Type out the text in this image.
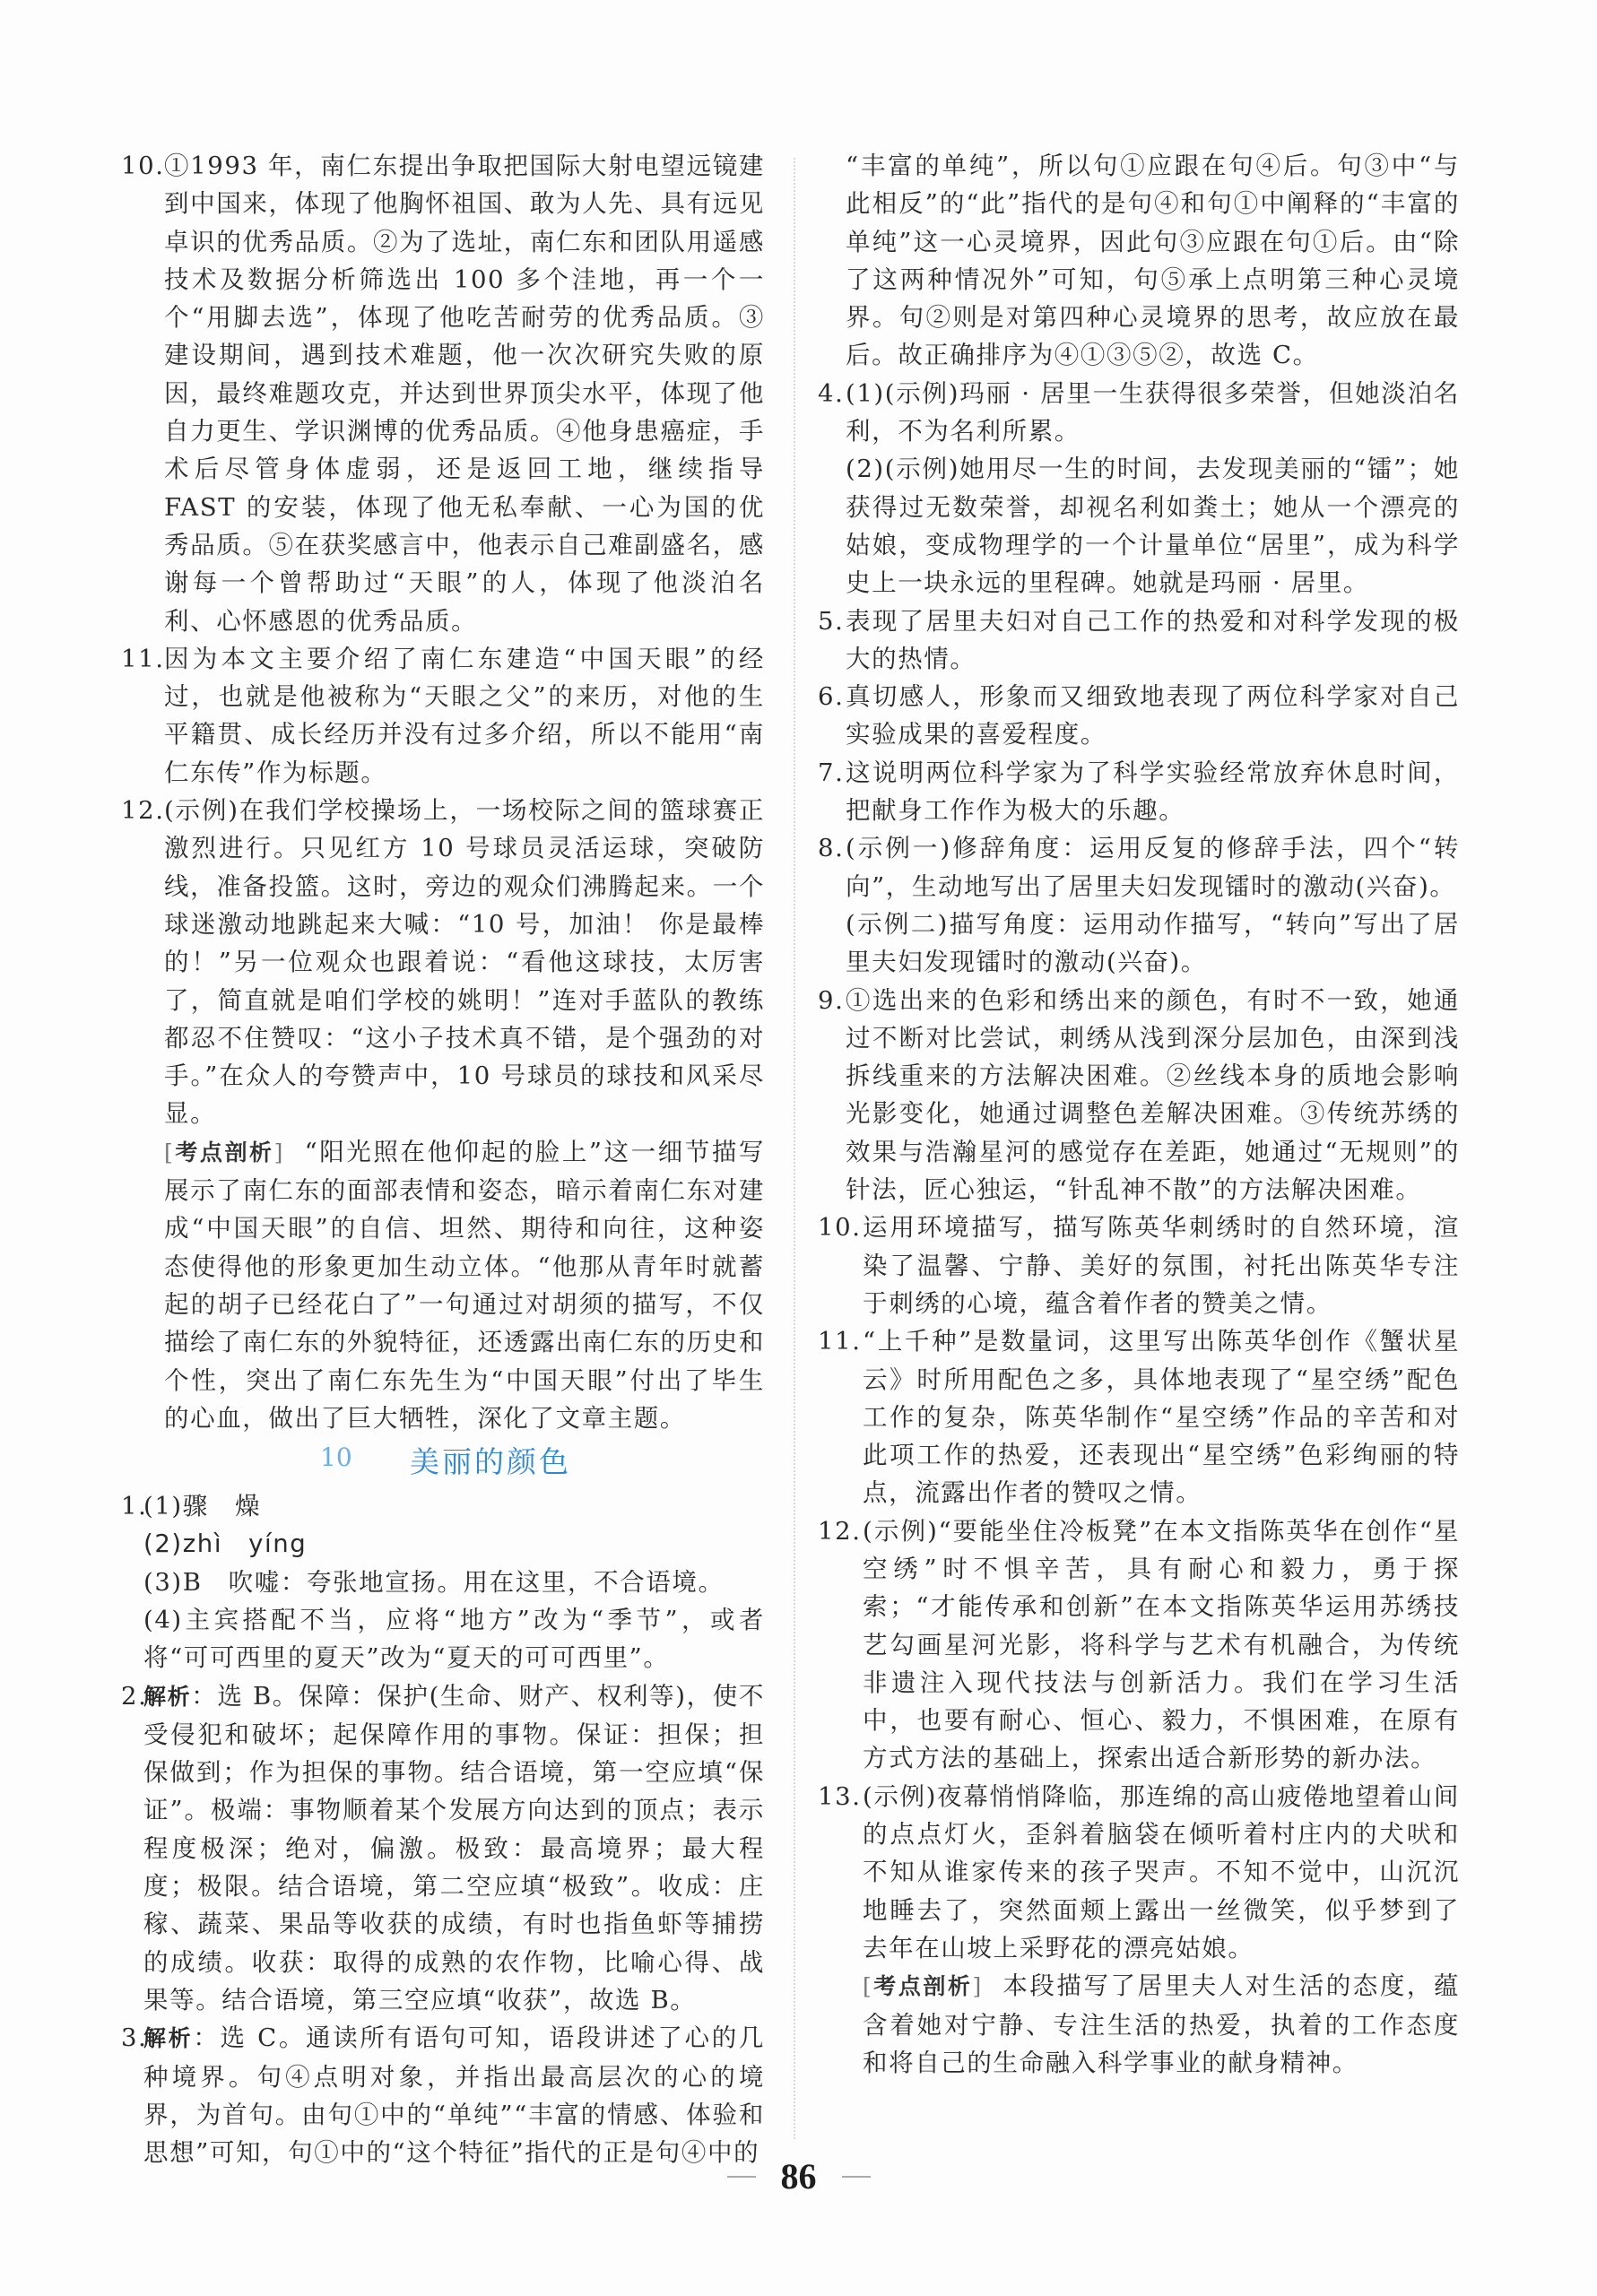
10. ①1993 年，南仁东提出争取把国际大射电望远镜建到中国来，体现了他胸怀祖国、敢为人先、具有远见卓识的优秀品质。②为了选址，南仁东和团队用遥感技术及数据分析筛选出 100 多个洼地，再一个一个“用脚去选”，体现了他吃苦耐劳的优秀品质。③建设期间，遇到技术难题，他一次次研究失败的原因，最终难题攻克，并达到世界顶尖水平，体现了他自力更生、学识渊博的优秀品质。④他身患癌症，手术后尽管身体虚弱，还是返回工地，继续指导 FAST 的安装，体现了他无私奉献、一心为国的优秀品质。⑤在获奖感言中，他表示自己难副盛名，感谢每一个曾帮助过“天眼”的人，体现了他淡泊名利、心怀感恩的优秀品质。
11. 因为本文主要介绍了南仁东建造“中国天眼”的经过，也就是他被称为“天眼之父”的来历，对他的生平籍贯、成长经历并没有过多介绍，所以不能用“南仁东传”作为标题。
12. (示例)在我们学校操场上，一场校际之间的篮球赛正激烈进行。只见红方 10 号球员灵活运球，突破防线，准备投篮。这时，旁边的观众们沸腾起来。一个球迷激动地跳起来大喊：“10 号，加油！ 你是最棒的！”另一位观众也跟着说：“看他这球技，太厉害了，简直就是咱们学校的姚明！”连对手蓝队的教练都忍不住赞叹：“这小子技术真不错，是个强劲的对手。”在众人的夸赞声中，10 号球员的球技和风采尽显。
[考点剖析] “阳光照在他仰起的脸上”这一细节描写展示了南仁东的面部表情和姿态，暗示着南仁东对建成“中国天眼”的自信、坦然、期待和向往，这种姿态使得他的形象更加生动立体。“他那从青年时就蓄起的胡子已经花白了”一句通过对胡须的描写，不仅描绘了南仁东的外貌特征，还透露出南仁东的历史和个性，突出了南仁东先生为“中国天眼”付出了毕生的心血，做出了巨大牺牲，深化了文章主题。
10 美丽的颜色
1.
(1)骤　燥
(2)zhì　yíng
(3)B　吹嘘：夸张地宣扬。用在这里，不合语境。
(4)主宾搭配不当，应将“地方”改为“季节”，或者将“可可西里的夏天”改为“夏天的可可西里”。
2.
解析：选 B。保障：保护(生命、财产、权利等)，使不受侵犯和破坏；起保障作用的事物。保证：担保；担保做到；作为担保的事物。结合语境，第一空应填“保证”。极端：事物顺着某个发展方向达到的顶点；表示程度极深；绝对，偏激。极致：最高境界；最大程度；极限。结合语境，第二空应填“极致”。收成：庄稼、蔬菜、果品等收获的成绩，有时也指鱼虾等捕捞的成绩。收获：取得的成熟的农作物，比喻心得、战果等。结合语境，第三空应填“收获”，故选 B。
3.
解析：选 C。通读所有语句可知，语段讲述了心的几种境界。句④点明对象，并指出最高层次的心的境界，为首句。由句①中的“单纯”“丰富的情感、体验和思想”可知，句①中的“这个特征”指代的正是句④中的
“丰富的单纯”，所以句①应跟在句④后。句③中“与此相反”的“此”指代的是句④和句①中阐释的“丰富的单纯”这一心灵境界，因此句③应跟在句①后。由“除了这两种情况外”可知，句⑤承上点明第三种心灵境界。句②则是对第四种心灵境界的思考，故应放在最后。故正确排序为④①③⑤②，故选 C。
4. (1)(示例)玛丽 · 居里一生获得很多荣誉，但她淡泊名利，不为名利所累。
(2)(示例)她用尽一生的时间，去发现美丽的“镭”；她获得过无数荣誉，却视名利如粪土；她从一个漂亮的姑娘，变成物理学的一个计量单位“居里”，成为科学史上一块永远的里程碑。她就是玛丽 · 居里。
5. 表现了居里夫妇对自己工作的热爱和对科学发现的极大的热情。
6. 真切感人，形象而又细致地表现了两位科学家对自己实验成果的喜爱程度。
7. 这说明两位科学家为了科学实验经常放弃休息时间，把献身工作作为极大的乐趣。
8. (示例一)修辞角度：运用反复的修辞手法，四个“转向”，生动地写出了居里夫妇发现镭时的激动(兴奋)。
(示例二)描写角度：运用动作描写，“转向”写出了居里夫妇发现镭时的激动(兴奋)。
9. ①选出来的色彩和绣出来的颜色，有时不一致，她通过不断对比尝试，刺绣从浅到深分层加色，由深到浅拆线重来的方法解决困难。②丝线本身的质地会影响光影变化，她通过调整色差解决困难。③传统苏绣的效果与浩瀚星河的感觉存在差距，她通过“无规则”的针法，匠心独运，“针乱神不散”的方法解决困难。
10. 运用环境描写，描写陈英华刺绣时的自然环境，渲染了温馨、宁静、美好的氛围，衬托出陈英华专注于刺绣的心境，蕴含着作者的赞美之情。
11. “上千种”是数量词，这里写出陈英华创作《蟹状星云》时所用配色之多，具体地表现了“星空绣”配色工作的复杂，陈英华制作“星空绣”作品的辛苦和对此项工作的热爱，还表现出“星空绣”色彩绚丽的特点，流露出作者的赞叹之情。
12. (示例)“要能坐住冷板凳”在本文指陈英华在创作“星空绣”时不惧辛苦，具有耐心和毅力，勇于探索；“才能传承和创新”在本文指陈英华运用苏绣技艺勾画星河光影，将科学与艺术有机融合，为传统非遗注入现代技法与创新活力。我们在学习生活中，也要有耐心、恒心、毅力，不惧困难，在原有方式方法的基础上，探索出适合新形势的新办法。
13. (示例)夜幕悄悄降临，那连绵的高山疲倦地望着山间的点点灯火，歪斜着脑袋在倾听着村庄内的犬吠和不知从谁家传来的孩子哭声。不知不觉中，山沉沉地睡去了，突然面颊上露出一丝微笑，似乎梦到了去年在山坡上采野花的漂亮姑娘。
[考点剖析] 本段描写了居里夫人对生活的态度，蕴含着她对宁静、专注生活的热爱，执着的工作态度和将自己的生命融入科学事业的献身精神。
86
